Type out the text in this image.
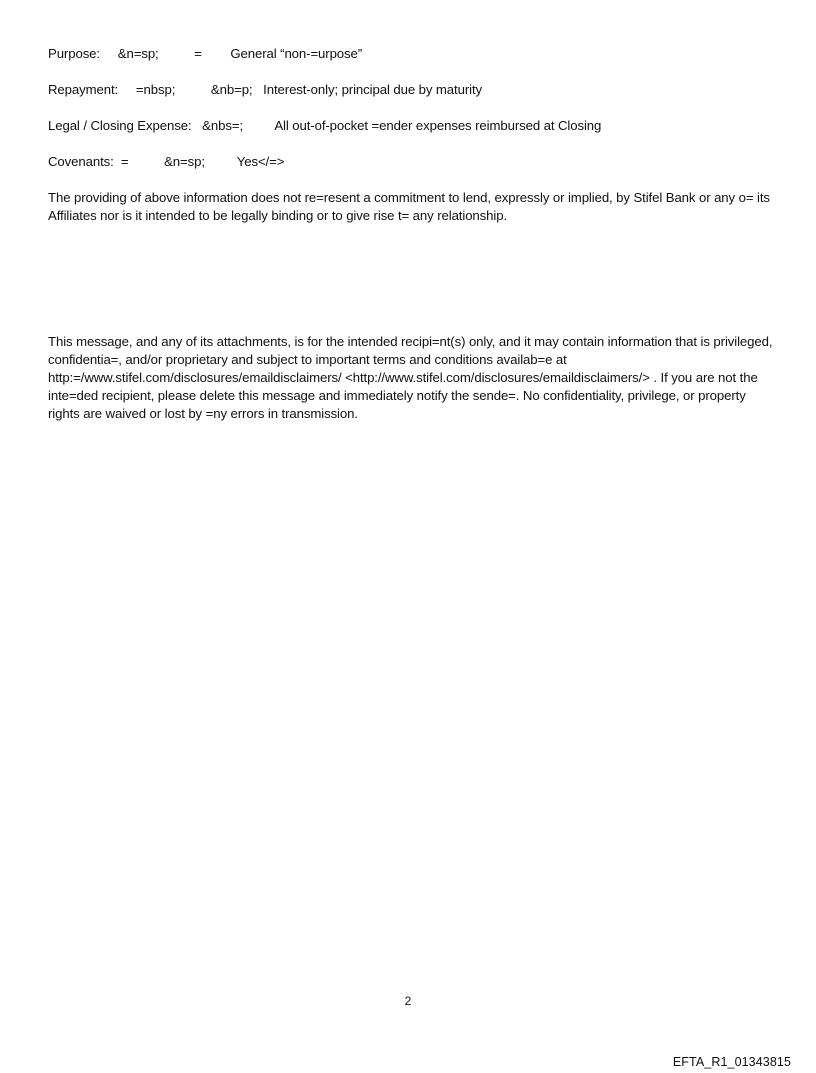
Purpose:     &n=sp;          =        General “non-=urpose”

Repayment:     =nbsp;          &nb=p;   Interest-only; principal due by maturity

Legal / Closing Expense:   &nbs=;         All out-of-pocket =ender expenses reimbursed at Closing

Covenants:  =          &n=sp;         Yes</=>

The providing of above information does not re=resent a commitment to lend, expressly or implied, by Stifel Bank or any o= its Affiliates nor is it intended to be legally binding or to give rise t= any relationship.

This message, and any of its attachments, is for the intended recipi=nt(s) only, and it may contain information that is privileged, confidentia=, and/or proprietary and subject to important terms and conditions availab=e at http:=/www.stifel.com/disclosures/emaildisclaimers/ <http://www.stifel.com/disclosures/emaildisclaimers/> . If you are not the inte=ded recipient, please delete this message and immediately notify the sende=. No confidentiality, privilege, or property rights are waived or lost by =ny errors in transmission.

2
EFTA_R1_01343815
